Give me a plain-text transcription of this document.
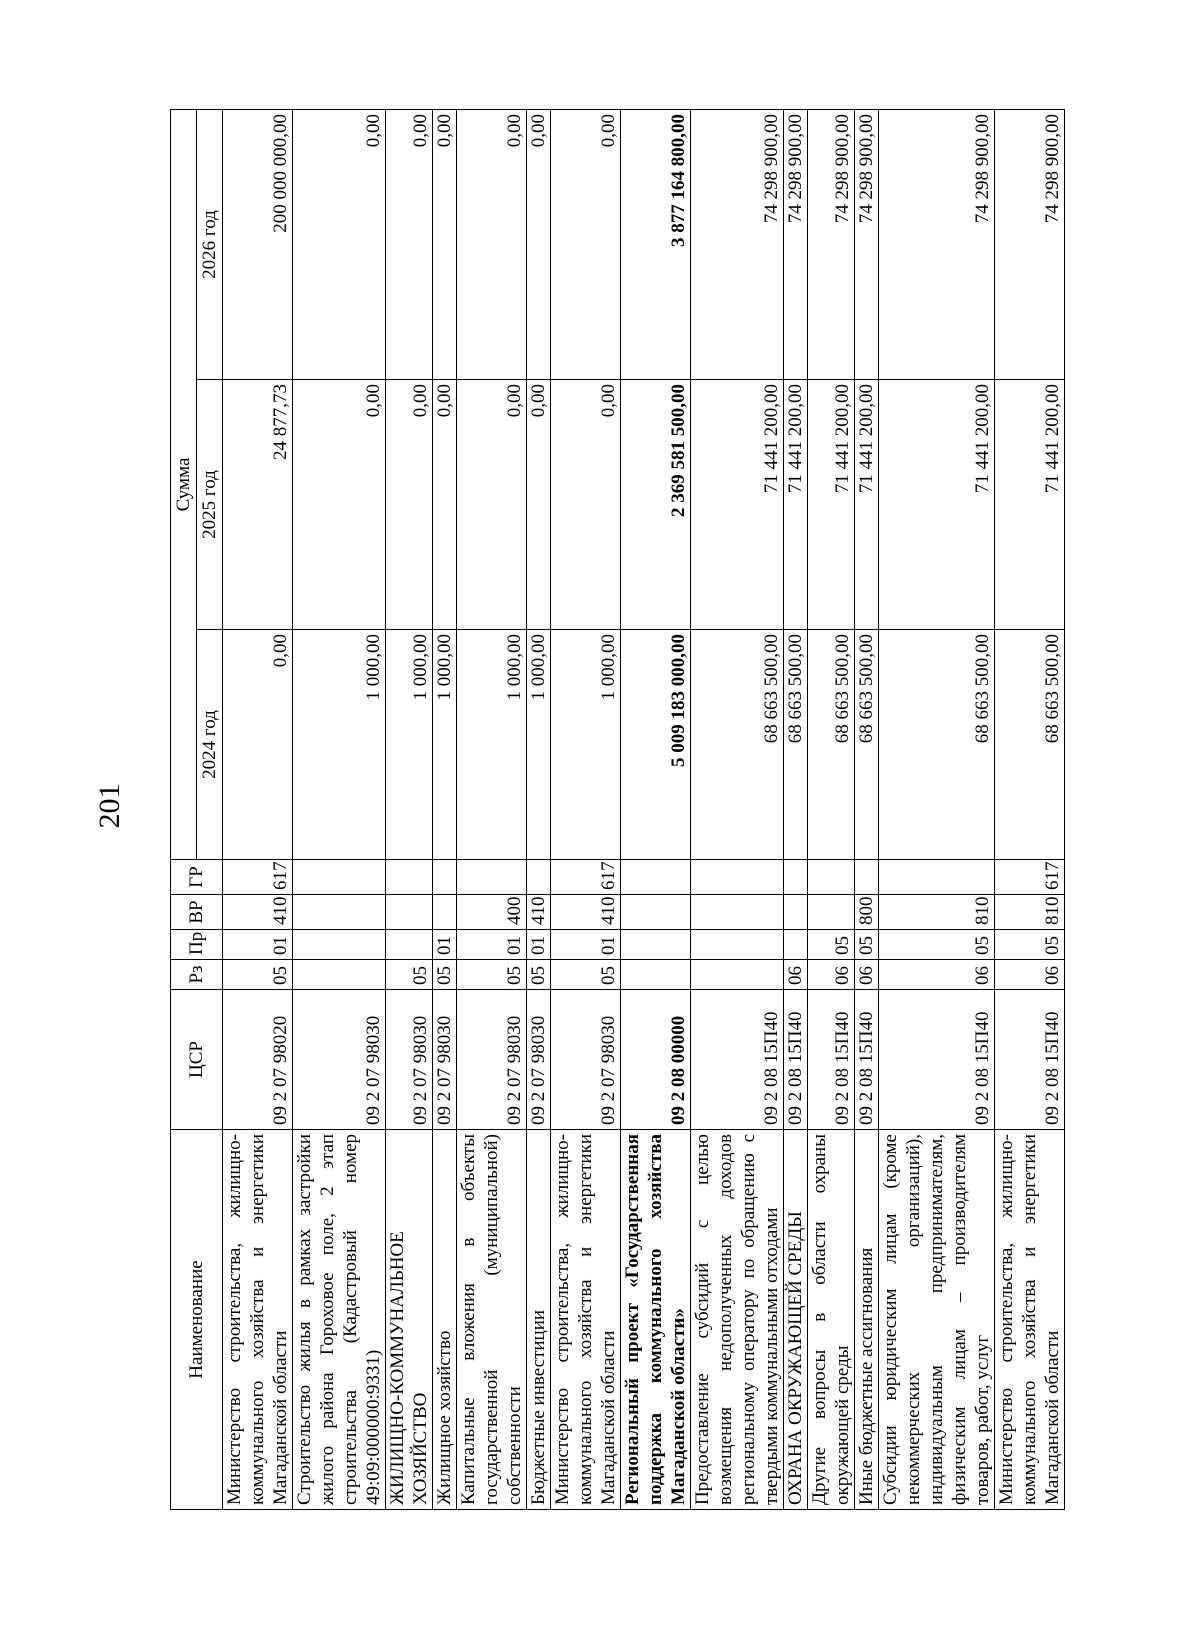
201
Наименование	ЦСР	Рз	Пр	ВР	ГР	Сумма		
						2024 год	2025 год	2026 год
Министерство строительства, жилищно-коммунального хозяйства и энергетики Магаданской области	09 2 07 98020	05	01	410	617	0,00	24 877,73	200 000 000,00
Строительство жилья в рамках застройки жилого района Гороховое поле, 2 этап строительства (Кадастровый номер 49:09:000000:9331)	09 2 07 98030					1 000,00	0,00	0,00
ЖИЛИЩНО-КОММУНАЛЬНОЕ ХОЗЯЙСТВО	09 2 07 98030	05				1 000,00	0,00	0,00
Жилищное хозяйство	09 2 07 98030	05	01			1 000,00	0,00	0,00
Капитальные вложения в объекты государственной (муниципальной) собственности	09 2 07 98030	05	01	400		1 000,00	0,00	0,00
Бюджетные инвестиции	09 2 07 98030	05	01	410		1 000,00	0,00	0,00
Министерство строительства, жилищно-коммунального хозяйства и энергетики Магаданской области	09 2 07 98030	05	01	410	617	1 000,00	0,00	0,00
Региональный проект «Государственная поддержка коммунального хозяйства Магаданской области»	09 2 08 00000					5 009 183 000,00	2 369 581 500,00	3 877 164 800,00
Предоставление субсидий с целью возмещения недополученных доходов региональному оператору по обращению с твердыми коммунальными отходами	09 2 08 15П40					68 663 500,00	71 441 200,00	74 298 900,00
ОХРАНА ОКРУЖАЮЩЕЙ СРЕДЫ	09 2 08 15П40	06				68 663 500,00	71 441 200,00	74 298 900,00
Другие вопросы в области охраны окружающей среды	09 2 08 15П40	06	05			68 663 500,00	71 441 200,00	74 298 900,00
Иные бюджетные ассигнования	09 2 08 15П40	06	05	800		68 663 500,00	71 441 200,00	74 298 900,00
Субсидии юридическим лицам (кроме некоммерческих организаций), индивидуальным предпринимателям, физическим лицам – производителям товаров, работ, услуг	09 2 08 15П40	06	05	810		68 663 500,00	71 441 200,00	74 298 900,00
Министерство строительства, жилищно-коммунального хозяйства и энергетики Магаданской области	09 2 08 15П40	06	05	810	617	68 663 500,00	71 441 200,00	74 298 900,00
